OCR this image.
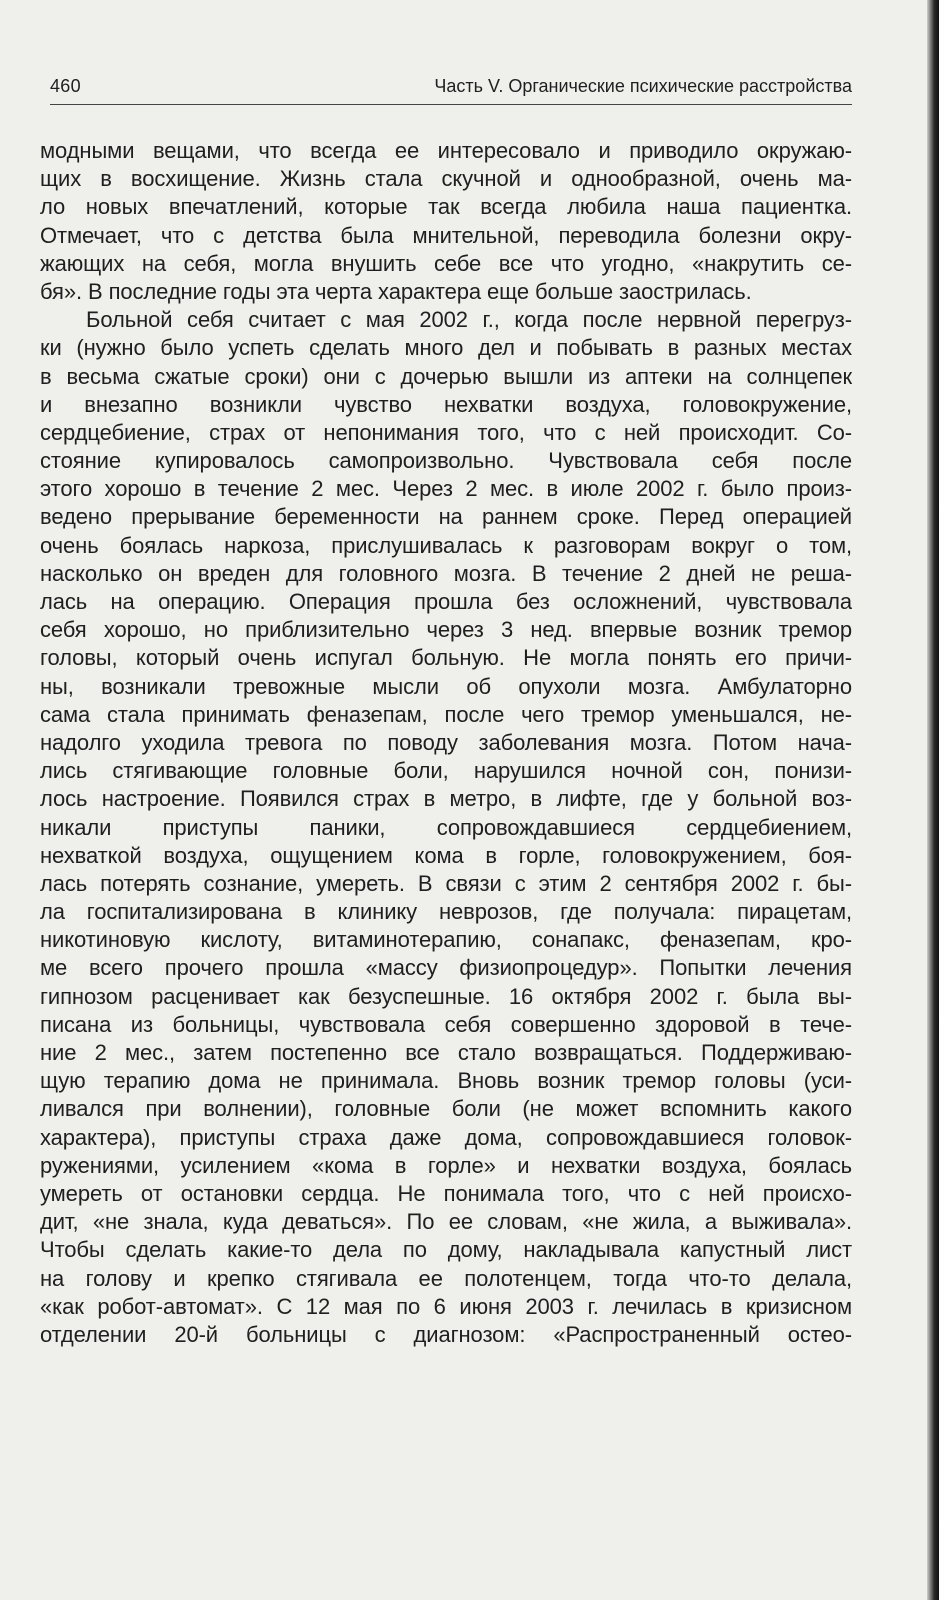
460	Часть V. Органические психические расстройства
модными вещами, что всегда ее интересовало и приводило окружаю-
щих в восхищение. Жизнь стала скучной и однообразной, очень ма-
ло новых впечатлений, которые так всегда любила наша пациентка.
Отмечает, что с детства была мнительной, переводила болезни окру-
жающих на себя, могла внушить себе все что угодно, «накрутить се-
бя». В последние годы эта черта характера еще больше заострилась.
Больной себя считает с мая 2002 г., когда после нервной перегруз-
ки (нужно было успеть сделать много дел и побывать в разных местах
в весьма сжатые сроки) они с дочерью вышли из аптеки на солнцепек
и внезапно возникли чувство нехватки воздуха, головокружение,
сердцебиение, страх от непонимания того, что с ней происходит. Со-
стояние купировалось самопроизвольно. Чувствовала себя после
этого хорошо в течение 2 мес. Через 2 мес. в июле 2002 г. было произ-
ведено прерывание беременности на раннем сроке. Перед операцией
очень боялась наркоза, прислушивалась к разговорам вокруг о том,
насколько он вреден для головного мозга. В течение 2 дней не реша-
лась на операцию. Операция прошла без осложнений, чувствовала
себя хорошо, но приблизительно через 3 нед. впервые возник тремор
головы, который очень испугал больную. Не могла понять его причи-
ны, возникали тревожные мысли об опухоли мозга. Амбулаторно
сама стала принимать феназепам, после чего тремор уменьшался, не-
надолго уходила тревога по поводу заболевания мозга. Потом нача-
лись стягивающие головные боли, нарушился ночной сон, понизи-
лось настроение. Появился страх в метро, в лифте, где у больной воз-
никали приступы паники, сопровождавшиеся сердцебиением,
нехваткой воздуха, ощущением кома в горле, головокружением, боя-
лась потерять сознание, умереть. В связи с этим 2 сентября 2002 г. бы-
ла госпитализирована в клинику неврозов, где получала: пирацетам,
никотиновую кислоту, витаминотерапию, сонапакс, феназепам, кро-
ме всего прочего прошла «массу физиопроцедур». Попытки лечения
гипнозом расценивает как безуспешные. 16 октября 2002 г. была вы-
писана из больницы, чувствовала себя совершенно здоровой в тече-
ние 2 мес., затем постепенно все стало возвращаться. Поддерживаю-
щую терапию дома не принимала. Вновь возник тремор головы (уси-
ливался при волнении), головные боли (не может вспомнить какого
характера), приступы страха даже дома, сопровождавшиеся головок-
ружениями, усилением «кома в горле» и нехватки воздуха, боялась
умереть от остановки сердца. Не понимала того, что с ней происхо-
дит, «не знала, куда деваться». По ее словам, «не жила, а выживала».
Чтобы сделать какие-то дела по дому, накладывала капустный лист
на голову и крепко стягивала ее полотенцем, тогда что-то делала,
«как робот-автомат». С 12 мая по 6 июня 2003 г. лечилась в кризисном
отделении 20-й больницы с диагнозом: «Распространенный остео-
